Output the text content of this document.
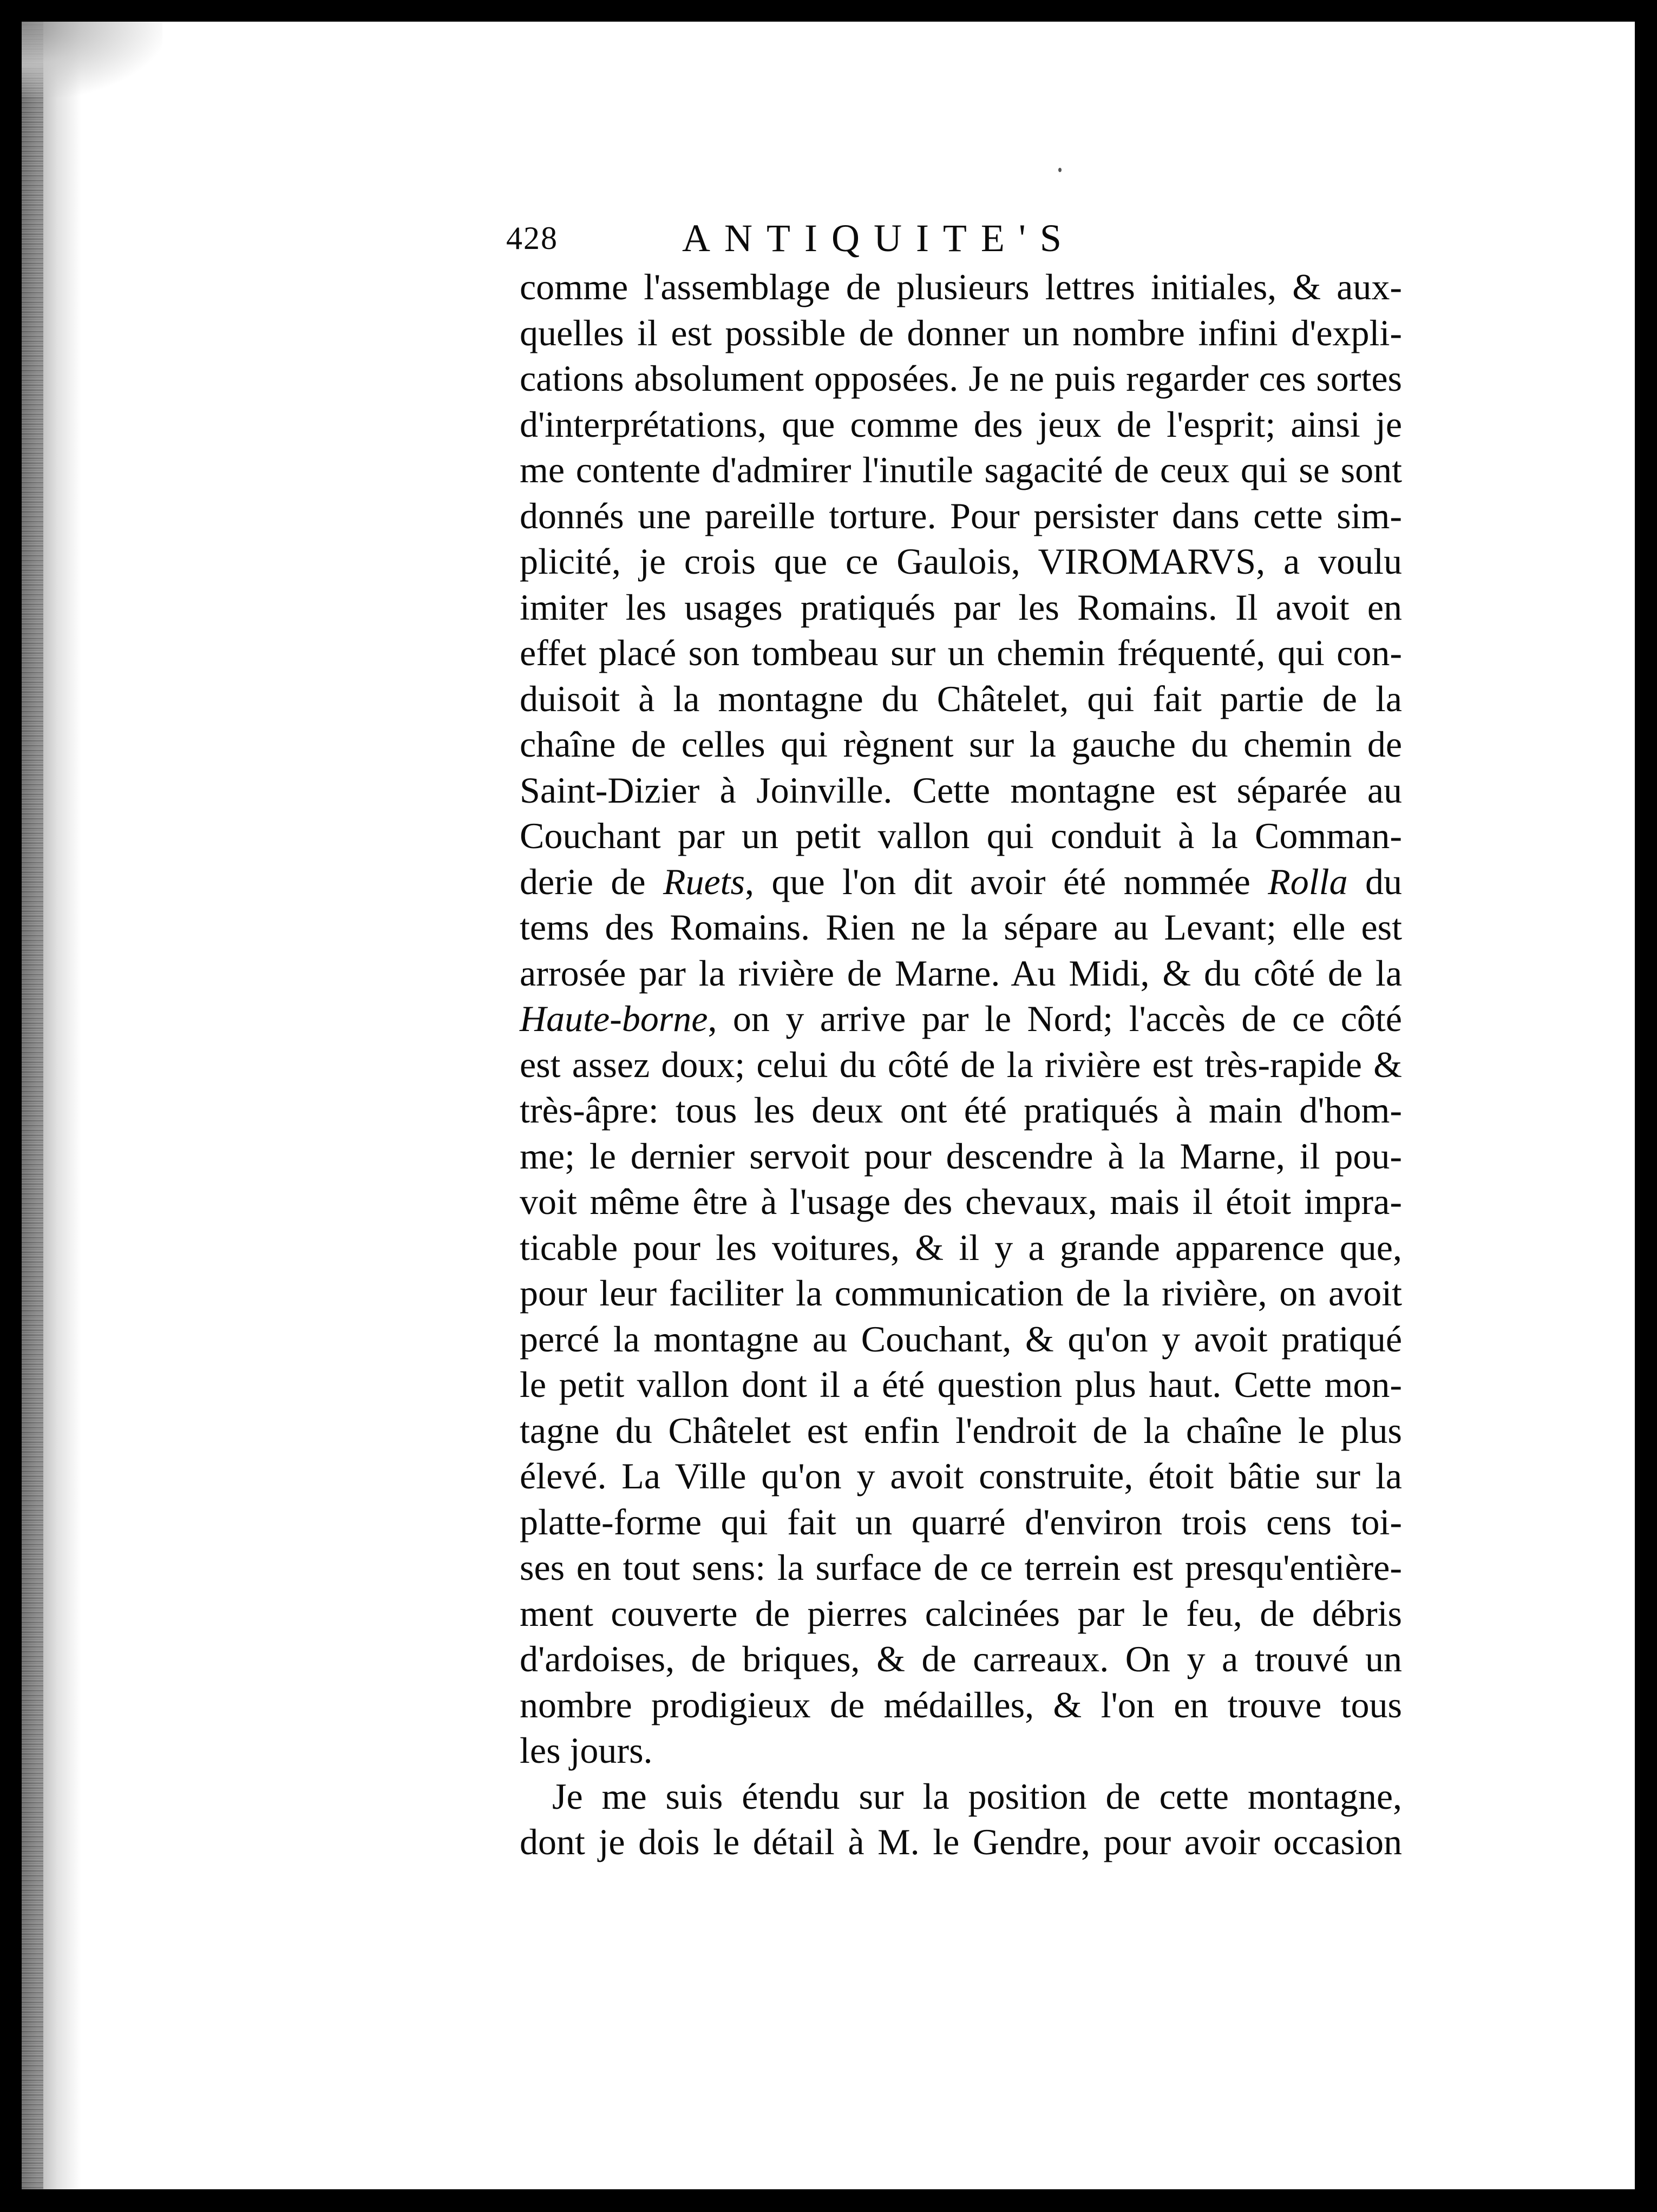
428	ANTIQUITE'S
comme l'assemblage de plusieurs lettres initiales, & aux-
quelles il est possible de donner un nombre infini d'expli-
cations absolument opposées. Je ne puis regarder ces sortes
d'interprétations, que comme des jeux de l'esprit; ainsi je
me contente d'admirer l'inutile sagacité de ceux qui se sont
donnés une pareille torture. Pour persister dans cette sim-
plicité, je crois que ce Gaulois, VIROMARVS, a voulu
imiter les usages pratiqués par les Romains. Il avoit en
effet placé son tombeau sur un chemin fréquenté, qui con-
duisoit à la montagne du Châtelet, qui fait partie de la
chaîne de celles qui règnent sur la gauche du chemin de
Saint-Dizier à Joinville. Cette montagne est séparée au
Couchant par un petit vallon qui conduit à la Comman-
derie de Ruets, que l'on dit avoir été nommée Rolla du
tems des Romains. Rien ne la sépare au Levant; elle est
arrosée par la rivière de Marne. Au Midi, & du côté de la
Haute-borne, on y arrive par le Nord; l'accès de ce côté
est assez doux; celui du côté de la rivière est très-rapide &
très-âpre: tous les deux ont été pratiqués à main d'hom-
me; le dernier servoit pour descendre à la Marne, il pou-
voit même être à l'usage des chevaux, mais il étoit impra-
ticable pour les voitures, & il y a grande apparence que,
pour leur faciliter la communication de la rivière, on avoit
percé la montagne au Couchant, & qu'on y avoit pratiqué
le petit vallon dont il a été question plus haut. Cette mon-
tagne du Châtelet est enfin l'endroit de la chaîne le plus
élevé. La Ville qu'on y avoit construite, étoit bâtie sur la
platte-forme qui fait un quarré d'environ trois cens toi-
ses en tout sens: la surface de ce terrein est presqu'entière-
ment couverte de pierres calcinées par le feu, de débris
d'ardoises, de briques, & de carreaux. On y a trouvé un
nombre prodigieux de médailles, & l'on en trouve tous
les jours.
Je me suis étendu sur la position de cette montagne,
dont je dois le détail à M. le Gendre, pour avoir occasion
